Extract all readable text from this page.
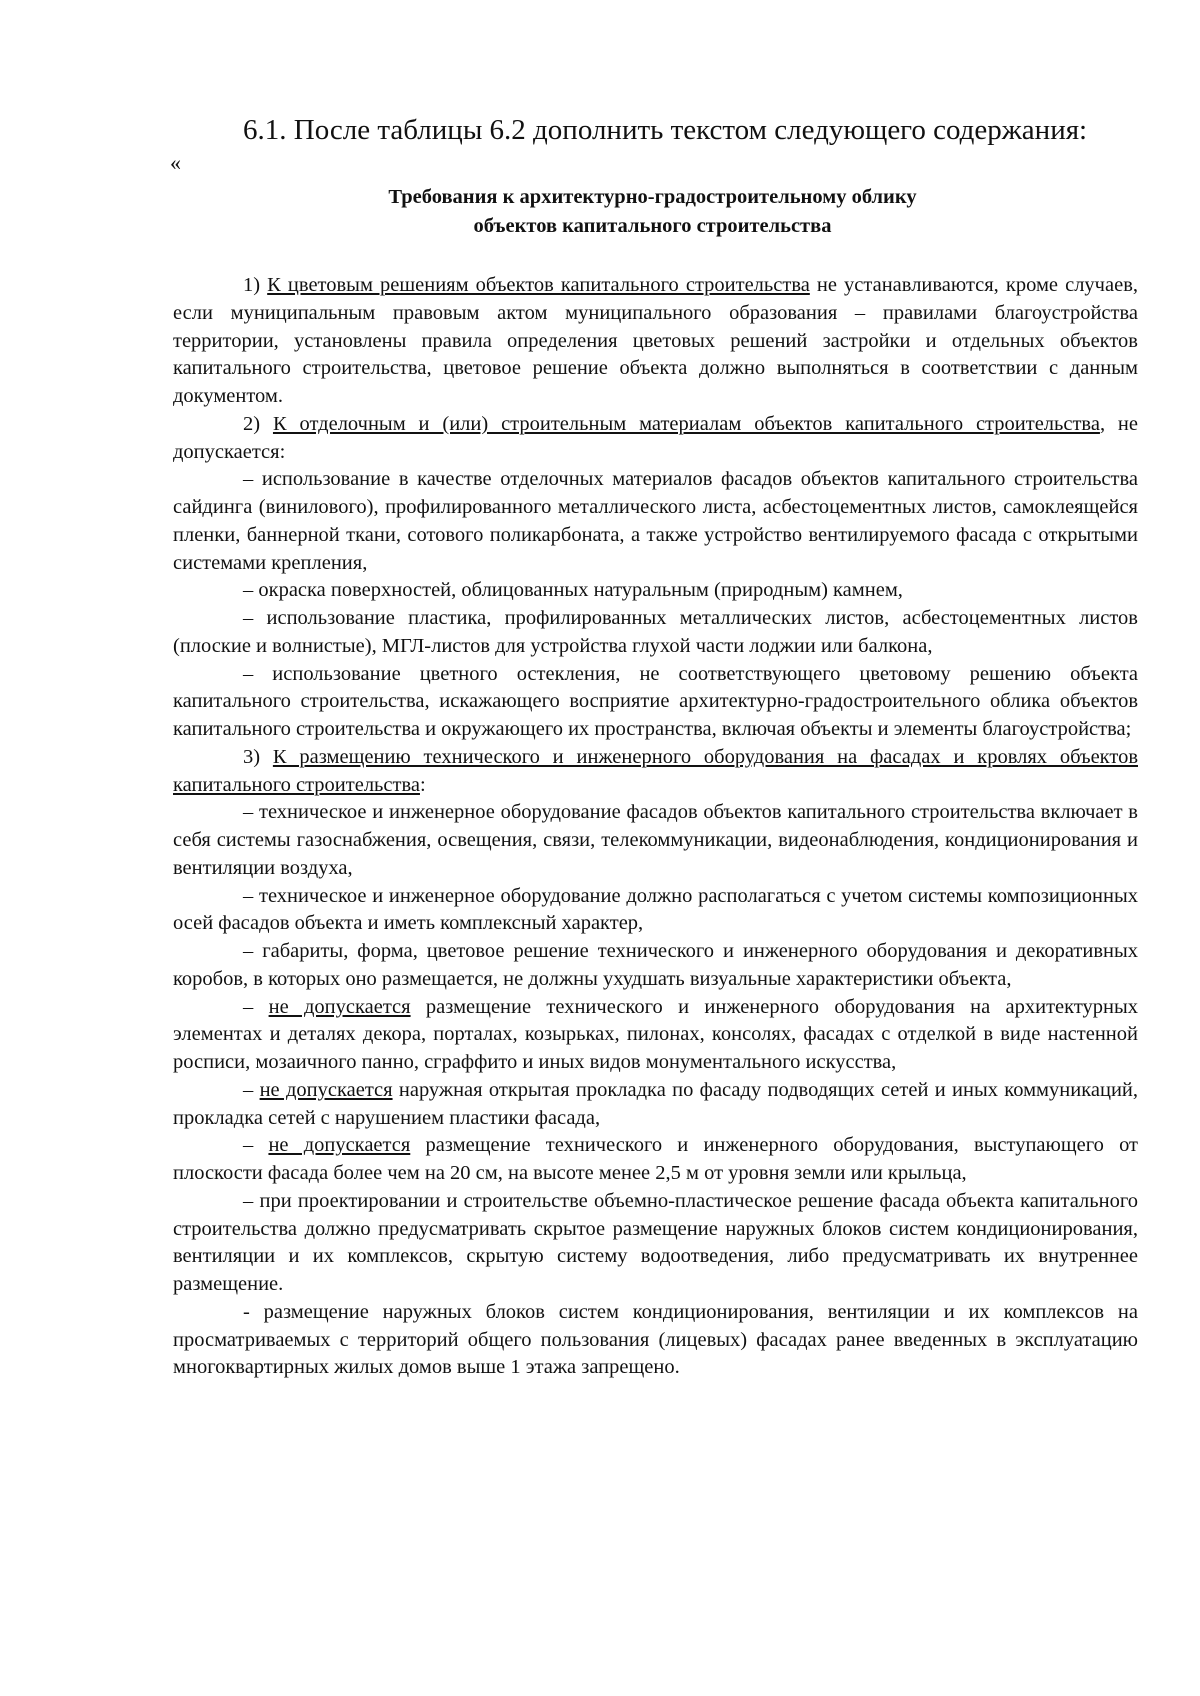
6.1. После таблицы 6.2 дополнить текстом следующего содержания:
«
Требования к архитектурно-градостроительному облику
объектов капитального строительства

1) К цветовым решениям объектов капитального строительства не устанавливаются, кроме случаев, если муниципальным правовым актом муниципального образования – правилами благоустройства территории, установлены правила определения цветовых решений застройки и отдельных объектов капитального строительства, цветовое решение объекта должно выполняться в соответствии с данным документом.

2) К отделочным и (или) строительным материалам объектов капитального строительства, не допускается:

– использование в качестве отделочных материалов фасадов объектов капитального строительства сайдинга (винилового), профилированного металлического листа, асбестоцементных листов, самоклеящейся пленки, баннерной ткани, сотового поликарбоната, а также устройство вентилируемого фасада с открытыми системами крепления,

– окраска поверхностей, облицованных натуральным (природным) камнем,

– использование пластика, профилированных металлических листов, асбестоцементных листов (плоские и волнистые), МГЛ-листов для устройства глухой части лоджии или балкона,

– использование цветного остекления, не соответствующего цветовому решению объекта капитального строительства, искажающего восприятие архитектурно-градостроительного облика объектов капитального строительства и окружающего их пространства, включая объекты и элементы благоустройства;

3) К размещению технического и инженерного оборудования на фасадах и кровлях объектов капитального строительства:

– техническое и инженерное оборудование фасадов объектов капитального строительства включает в себя системы газоснабжения, освещения, связи, телекоммуникации, видеонаблюдения, кондиционирования и вентиляции воздуха,

– техническое и инженерное оборудование должно располагаться с учетом системы композиционных осей фасадов объекта и иметь комплексный характер,

– габариты, форма, цветовое решение технического и инженерного оборудования и декоративных коробов, в которых оно размещается, не должны ухудшать визуальные характеристики объекта,

– не допускается размещение технического и инженерного оборудования на архитектурных элементах и деталях декора, порталах, козырьках, пилонах, консолях, фасадах с отделкой в виде настенной росписи, мозаичного панно, сграффито и иных видов монументального искусства,

– не допускается наружная открытая прокладка по фасаду подводящих сетей и иных коммуникаций, прокладка сетей с нарушением пластики фасада,

– не допускается размещение технического и инженерного оборудования, выступающего от плоскости фасада более чем на 20 см, на высоте менее 2,5 м от уровня земли или крыльца,

– при проектировании и строительстве объемно-пластическое решение фасада объекта капитального строительства должно предусматривать скрытое размещение наружных блоков систем кондиционирования, вентиляции и их комплексов, скрытую систему водоотведения, либо предусматривать их внутреннее размещение.

- размещение наружных блоков систем кондиционирования, вентиляции и их комплексов на просматриваемых с территорий общего пользования (лицевых) фасадах ранее введенных в эксплуатацию многоквартирных жилых домов выше 1 этажа запрещено.
